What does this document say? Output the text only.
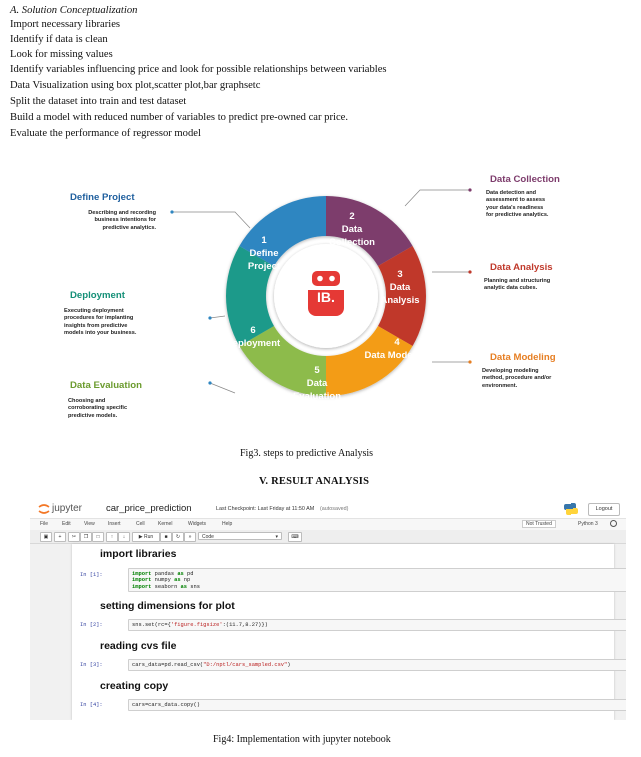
A. Solution Conceptualization
Import necessary libraries
Identify if data is clean
Look for missing values
Identify variables influencing price and look for possible relationships between variables
Data Visualization using box plot,scatter plot,bar graphsetc
Split the dataset into train and test dataset
Build a model with reduced number of variables to predict pre-owned car price.
Evaluate the performance of regressor model
IB.
2
Data Collection
3
Data Analysis
4
Data Modeling
5
Data Evaluation
6
Deployment
1
Define Project
Define Project
Describing and recording
business intentions for
predictive analytics.
Deployment
Executing deployment
procedures for implanting
insights from predictive
models into your business.
Data Evaluation
Choosing and
corroborating specific
predictive models.
Data Collection
Data detection and
assessment to assess
your data's readiness
for predictive analytics.
Data Analysis
Planning and structuring
analytic data cubes.
Data Modeling
Developing modeling
method, procedure and/or
environment.
Fig3. steps to predictive Analysis
V. RESULT ANALYSIS
jupyter	car_price_prediction	Last Checkpoint: Last Friday at 11:50 AM (autosaved)	Logout
File	Edit	View	Insert	Cell	Kernel	Widgets	Help	Not Trusted	Python 3
▣	+	✂	❐	□	↑	↓	▶ Run	■	↻	»	Code	▾	⌨
import libraries
In [1]:	import pandas as pd
import numpy as np
import seaborn as sns
setting dimensions for plot
In [2]:	sns.set(rc={'figure.figsize':(11.7,8.27)})
reading cvs file
In [3]:	cars_data=pd.read_csv("D:/nptl/cars_sampled.csv")
creating copy
In [4]:	cars=cars_data.copy()
Fig4: Implementation with jupyter notebook
